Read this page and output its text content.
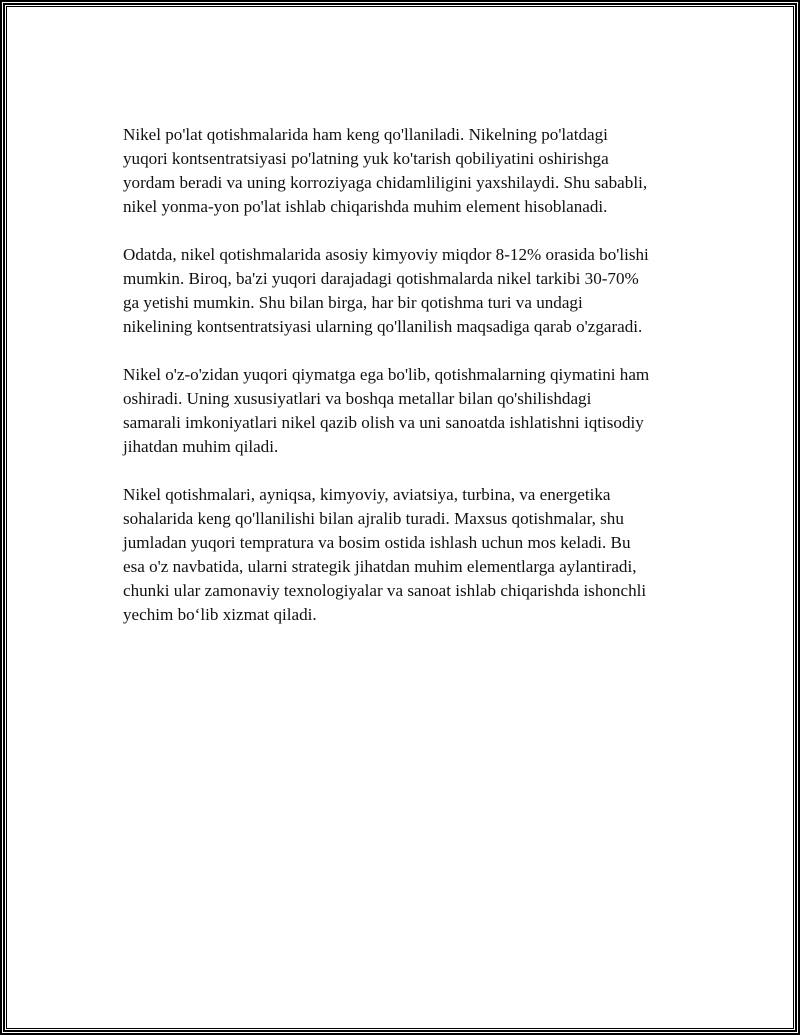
Nikel po'lat qotishmalarida ham keng qo'llaniladi. Nikelning po'latdagi
yuqori kontsentratsiyasi po'latning yuk ko'tarish qobiliyatini oshirishga
yordam beradi va uning korroziyaga chidamliligini yaxshilaydi. Shu sababli,
nikel yonma-yon po'lat ishlab chiqarishda muhim element hisoblanadi.

Odatda, nikel qotishmalarida asosiy kimyoviy miqdor 8-12% orasida bo'lishi
mumkin. Biroq, ba'zi yuqori darajadagi qotishmalarda nikel tarkibi 30-70%
ga yetishi mumkin. Shu bilan birga, har bir qotishma turi va undagi
nikelining kontsentratsiyasi ularning qo'llanilish maqsadiga qarab o'zgaradi.

Nikel o'z-o'zidan yuqori qiymatga ega bo'lib, qotishmalarning qiymatini ham
oshiradi. Uning xususiyatlari va boshqa metallar bilan qo'shilishdagi
samarali imkoniyatlari nikel qazib olish va uni sanoatda ishlatishni iqtisodiy
jihatdan muhim qiladi.

Nikel qotishmalari, ayniqsa, kimyoviy, aviatsiya, turbina, va energetika
sohalarida keng qo'llanilishi bilan ajralib turadi. Maxsus qotishmalar, shu
jumladan yuqori tempratura va bosim ostida ishlash uchun mos keladi. Bu
esa o'z navbatida, ularni strategik jihatdan muhim elementlarga aylantiradi,
chunki ular zamonaviy texnologiyalar va sanoat ishlab chiqarishda ishonchli
yechim bo‘lib xizmat qiladi.
